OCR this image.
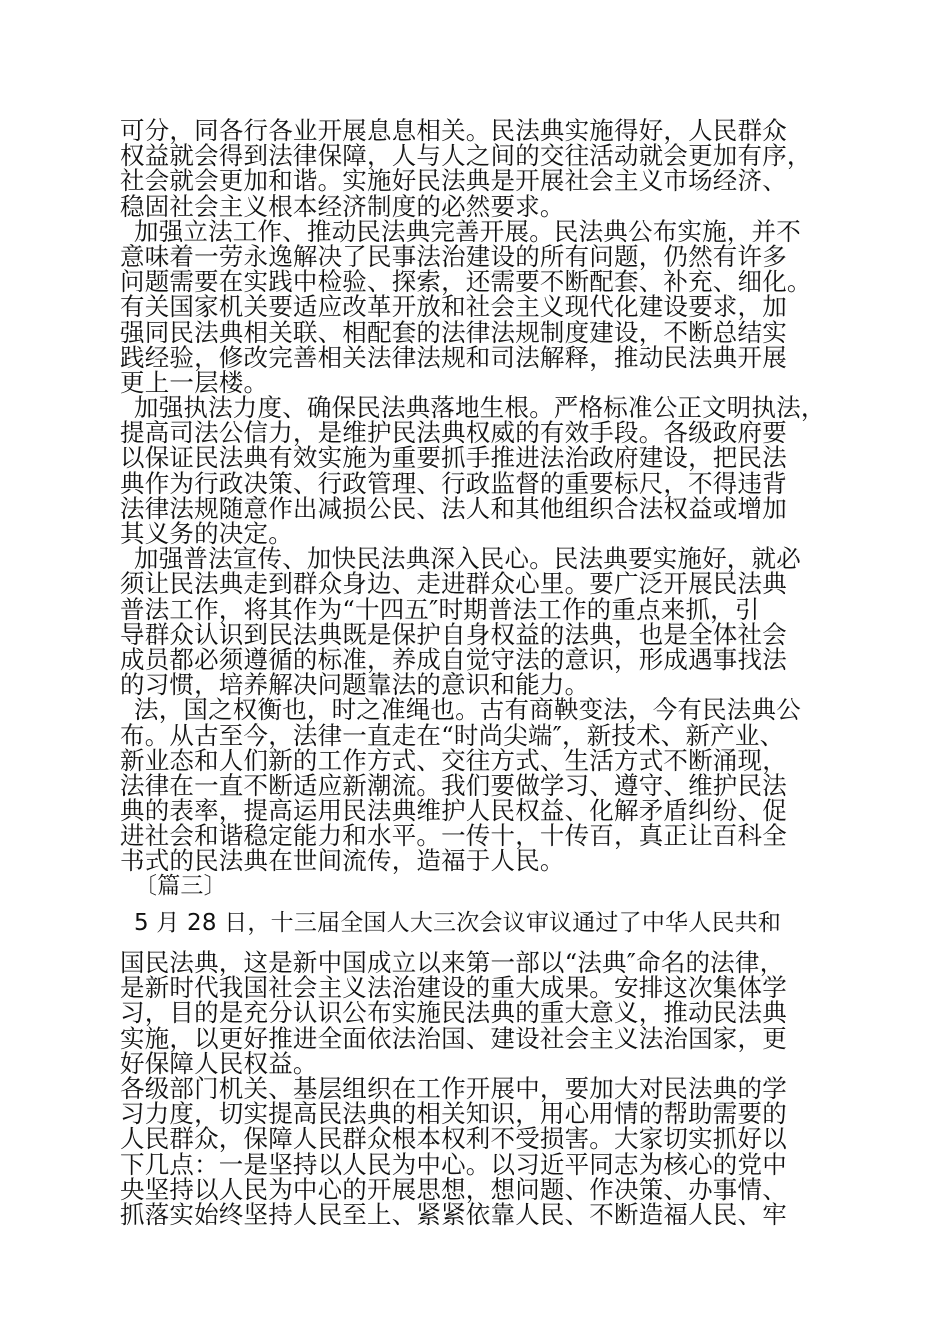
可分，同各行各业开展息息相关。民法典实施得好，人民群众
权益就会得到法律保障，人与人之间的交往活动就会更加有序，
社会就会更加和谐。实施好民法典是开展社会主义市场经济、
稳固社会主义根本经济制度的必然要求。
加强立法工作、推动民法典完善开展。民法典公布实施，并不
意味着一劳永逸解决了民事法治建设的所有问题，仍然有许多
问题需要在实践中检验、探索，还需要不断配套、补充、细化。
有关国家机关要适应改革开放和社会主义现代化建设要求，加
强同民法典相关联、相配套的法律法规制度建设，不断总结实
践经验，修改完善相关法律法规和司法解释，推动民法典开展
更上一层楼。
加强执法力度、确保民法典落地生根。严格标准公正文明执法，
提高司法公信力，是维护民法典权威的有效手段。各级政府要
以保证民法典有效实施为重要抓手推进法治政府建设，把民法
典作为行政决策、行政管理、行政监督的重要标尺，不得违背
法律法规随意作出减损公民、法人和其他组织合法权益或增加
其义务的决定。
加强普法宣传、加快民法典深入民心。民法典要实施好，就必
须让民法典走到群众身边、走进群众心里。要广泛开展民法典
普法工作，将其作为“十四五″时期普法工作的重点来抓，引
导群众认识到民法典既是保护自身权益的法典，也是全体社会
成员都必须遵循的标准，养成自觉守法的意识，形成遇事找法
的习惯，培养解决问题靠法的意识和能力。
法，国之权衡也，时之准绳也。古有商鞅变法，今有民法典公
布。从古至今，法律一直走在“时尚尖端″，新技术、新产业、
新业态和人们新的工作方式、交往方式、生活方式不断涌现，
法律在一直不断适应新潮流。我们要做学习、遵守、维护民法
典的表率，提高运用民法典维护人民权益、化解矛盾纠纷、促
进社会和谐稳定能力和水平。一传十，十传百，真正让百科全
书式的民法典在世间流传，造福于人民。
〔篇三〕
5 月 28 日，十三届全国人大三次会议审议通过了中华人民共和
国民法典，这是新中国成立以来第一部以“法典″命名的法律，
是新时代我国社会主义法治建设的重大成果。安排这次集体学
习，目的是充分认识公布实施民法典的重大意义，推动民法典
实施，以更好推进全面依法治国、建设社会主义法治国家，更
好保障人民权益。
各级部门机关、基层组织在工作开展中，要加大对民法典的学
习力度，切实提高民法典的相关知识，用心用情的帮助需要的
人民群众，保障人民群众根本权利不受损害。大家切实抓好以
下几点：一是坚持以人民为中心。以习近平同志为核心的党中
央坚持以人民为中心的开展思想，想问题、作决策、办事情、
抓落实始终坚持人民至上、紧紧依靠人民、不断造福人民、牢
